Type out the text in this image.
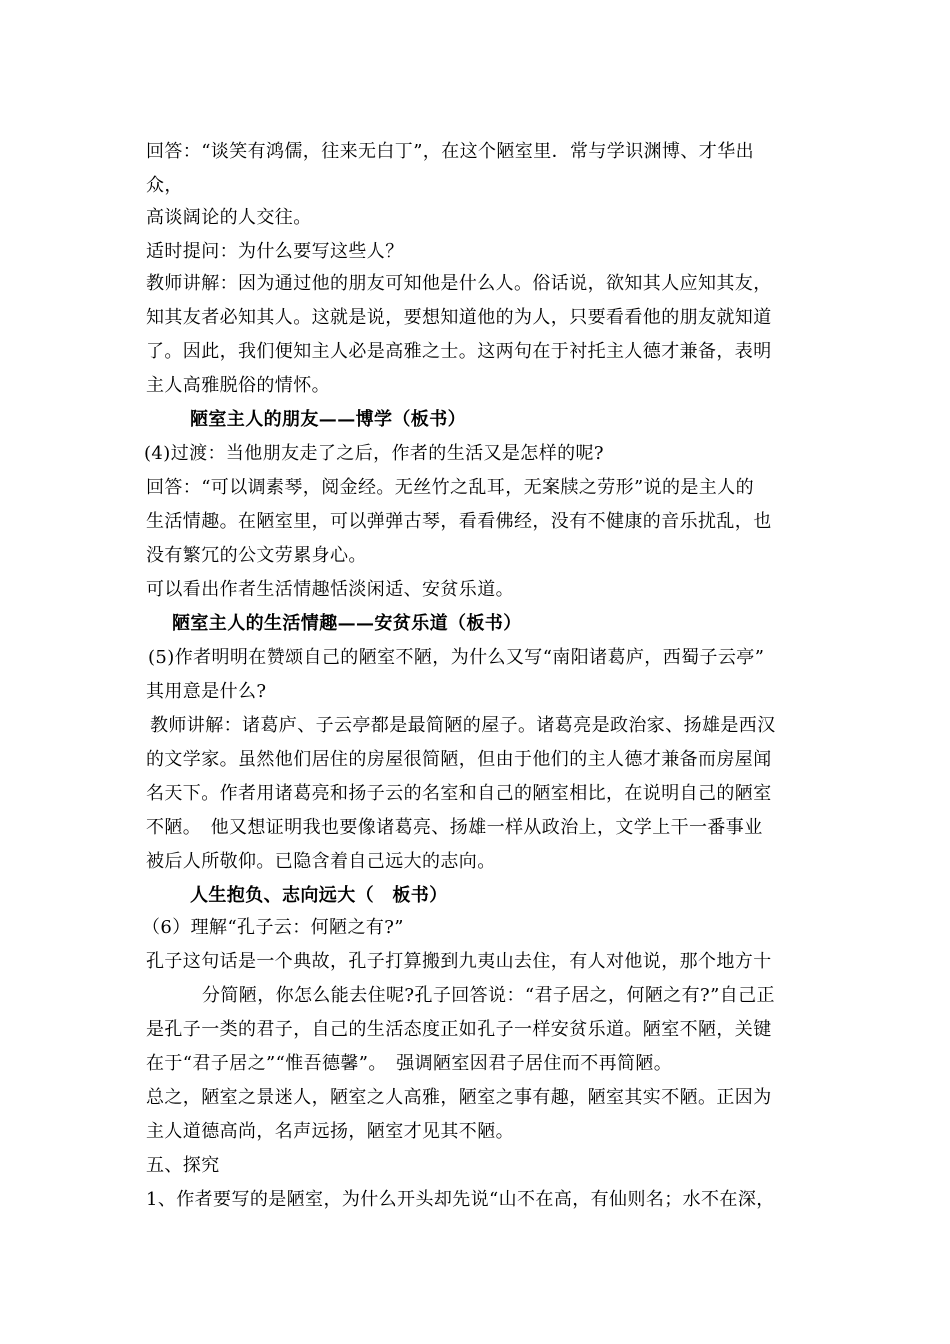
回答：“谈笑有鸿儒，往来无白丁”，在这个陋室里．常与学识渊博、才华出
众，
高谈阔论的人交往。
适时提问：为什么要写这些人？
教师讲解：因为通过他的朋友可知他是什么人。俗话说，欲知其人应知其友，
知其友者必知其人。这就是说，要想知道他的为人，只要看看他的朋友就知道
了。因此，我们便知主人必是高雅之士。这两句在于衬托主人德才兼备，表明
主人高雅脱俗的情怀。
陋室主人的朋友——博学（板书）
(4)过渡：当他朋友走了之后，作者的生活又是怎样的呢?
回答：“可以调素琴，阅金经。无丝竹之乱耳，无案牍之劳形”说的是主人的
生活情趣。在陋室里，可以弹弹古琴，看看佛经，没有不健康的音乐扰乱，也
没有繁冗的公文劳累身心。
可以看出作者生活情趣恬淡闲适、安贫乐道。
陋室主人的生活情趣——安贫乐道（板书）
(5)作者明明在赞颂自己的陋室不陋，为什么又写“南阳诸葛庐，西蜀子云亭”
其用意是什么?
教师讲解：诸葛庐、子云亭都是最简陋的屋子。诸葛亮是政治家、扬雄是西汉
的文学家。虽然他们居住的房屋很简陋，但由于他们的主人德才兼备而房屋闻
名天下。作者用诸葛亮和扬子云的名室和自己的陋室相比，在说明自己的陋室
不陋。　他又想证明我也要像诸葛亮、扬雄一样从政治上，文学上干一番事业
被后人所敬仰。已隐含着自己远大的志向。
人生抱负、志向远大（　板书）
（6）理解“孔子云：何陋之有?”
孔子这句话是一个典故，孔子打算搬到九夷山去住，有人对他说，那个地方十
分简陋，你怎么能去住呢?孔子回答说：“君子居之，何陋之有?”自己正
是孔子一类的君子，自己的生活态度正如孔子一样安贫乐道。陋室不陋，关键
在于“君子居之”“惟吾德馨”。　强调陋室因君子居住而不再简陋。
总之，陋室之景迷人，陋室之人高雅，陋室之事有趣，陋室其实不陋。正因为
主人道德高尚，名声远扬，陋室才见其不陋。
五、探究
1、作者要写的是陋室，为什么开头却先说“山不在高，有仙则名；水不在深，
